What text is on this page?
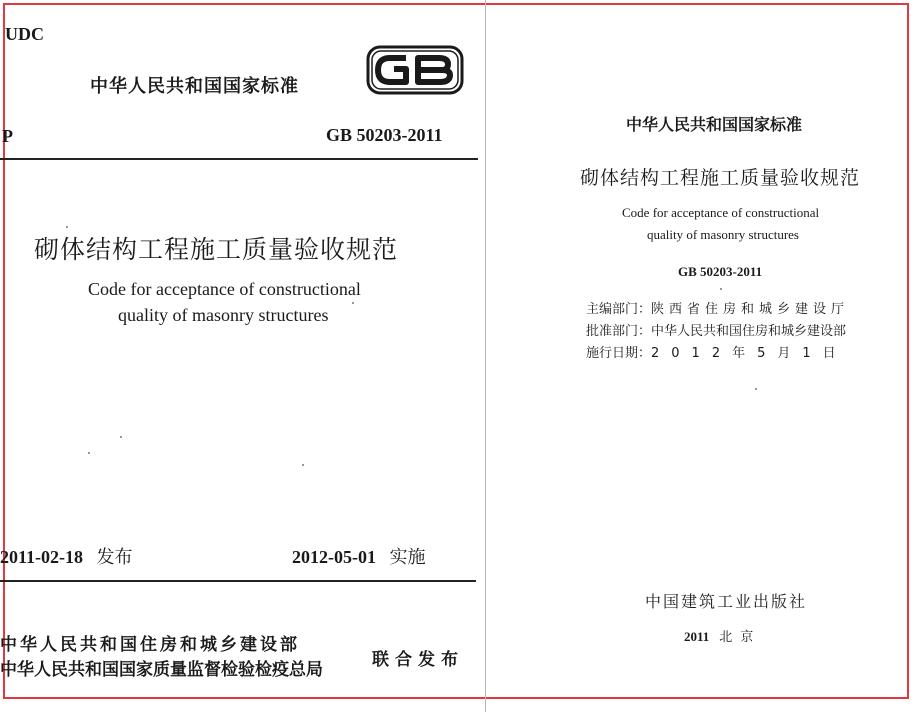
UDC
中华人民共和国国家标准
P	GB 50203-2011
砌体结构工程施工质量验收规范
Code for acceptance of constructional
quality of masonry structures
2011-02-18 发布	2012-05-01 实施
中华人民共和国住房和城乡建设部
中华人民共和国国家质量监督检验检疫总局	联合发布
中华人民共和国国家标准
砌体结构工程施工质量验收规范
Code for acceptance of constructional
quality of masonry structures
GB 50203-2011
主编部门：陕西省住房和城乡建设厅
批准部门：中华人民共和国住房和城乡建设部
施行日期：2012年5月1日
中国建筑工业出版社
2011 北京
